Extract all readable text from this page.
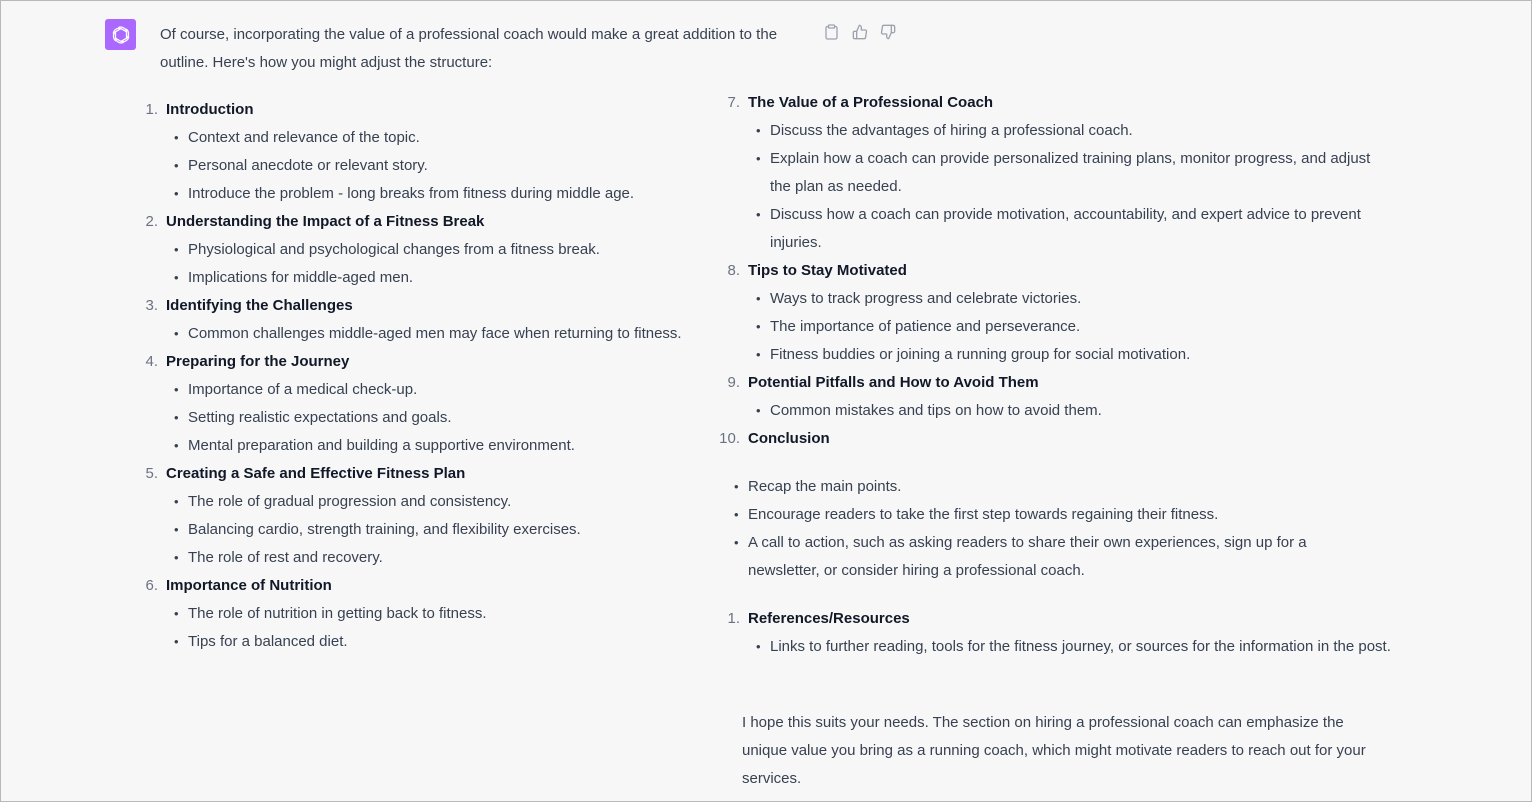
Of course, incorporating the value of a professional coach would make a great addition to the outline. Here's how you might adjust the structure:

1. Introduction
• Context and relevance of the topic.
• Personal anecdote or relevant story.
• Introduce the problem - long breaks from fitness during middle age.
2. Understanding the Impact of a Fitness Break
• Physiological and psychological changes from a fitness break.
• Implications for middle-aged men.
3. Identifying the Challenges
• Common challenges middle-aged men may face when returning to fitness.
4. Preparing for the Journey
• Importance of a medical check-up.
• Setting realistic expectations and goals.
• Mental preparation and building a supportive environment.
5. Creating a Safe and Effective Fitness Plan
• The role of gradual progression and consistency.
• Balancing cardio, strength training, and flexibility exercises.
• The role of rest and recovery.
6. Importance of Nutrition
• The role of nutrition in getting back to fitness.
• Tips for a balanced diet.
7. The Value of a Professional Coach
• Discuss the advantages of hiring a professional coach.
• Explain how a coach can provide personalized training plans, monitor progress, and adjust the plan as needed.
• Discuss how a coach can provide motivation, accountability, and expert advice to prevent injuries.
8. Tips to Stay Motivated
• Ways to track progress and celebrate victories.
• The importance of patience and perseverance.
• Fitness buddies or joining a running group for social motivation.
9. Potential Pitfalls and How to Avoid Them
• Common mistakes and tips on how to avoid them.
10. Conclusion
• Recap the main points.
• Encourage readers to take the first step towards regaining their fitness.
• A call to action, such as asking readers to share their own experiences, sign up for a newsletter, or consider hiring a professional coach.
1. References/Resources
• Links to further reading, tools for the fitness journey, or sources for the information in the post.

I hope this suits your needs. The section on hiring a professional coach can emphasize the unique value you bring as a running coach, which might motivate readers to reach out for your services.
